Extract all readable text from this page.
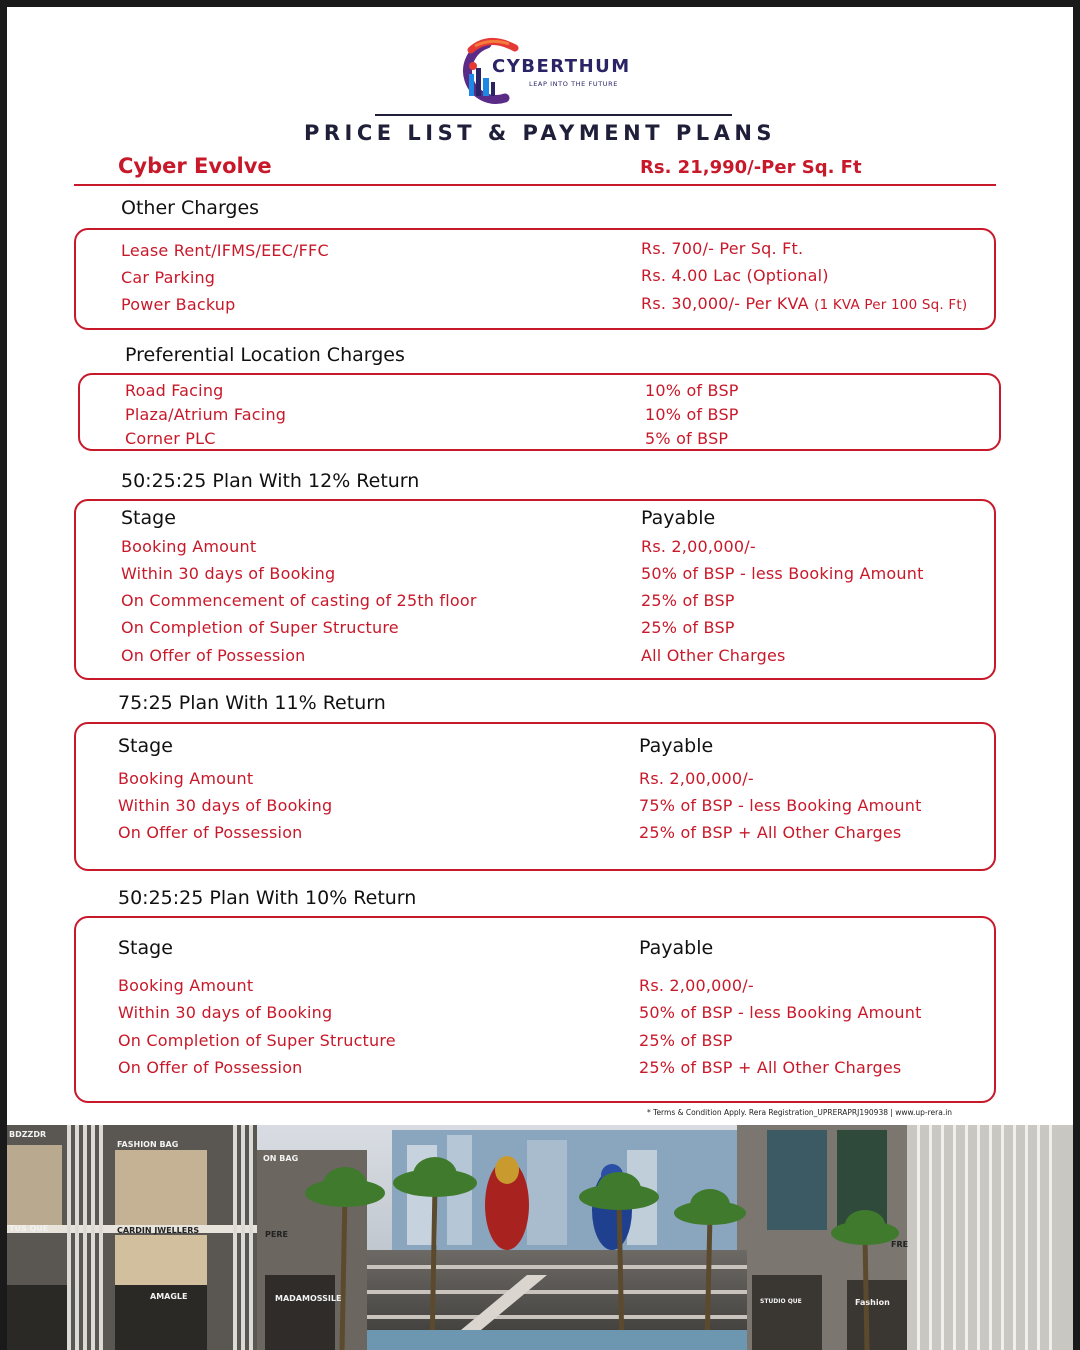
CYBERTHUM
LEAP INTO THE FUTURE
PRICE LIST & PAYMENT PLANS
Cyber Evolve	Rs. 21,990/-Per Sq. Ft
Other Charges
Lease Rent/IFMS/EEC/FFC	Rs. 700/- Per Sq. Ft.
Car Parking	Rs. 4.00 Lac (Optional)
Power Backup	Rs. 30,000/- Per KVA (1 KVA Per 100 Sq. Ft)
Preferential Location Charges
Road Facing	10% of BSP
Plaza/Atrium Facing	10% of BSP
Corner PLC	5% of BSP
50:25:25 Plan With 12% Return
Stage	Payable
Booking Amount	Rs. 2,00,000/-
Within 30 days of Booking	50% of BSP - less Booking Amount
On Commencement of casting of 25th floor	25% of BSP
On Completion of Super Structure	25% of BSP
On Offer of Possession	All Other Charges
75:25 Plan With 11% Return
Stage	Payable
Booking Amount	Rs. 2,00,000/-
Within 30 days of Booking	75% of BSP - less Booking Amount
On Offer of Possession	25% of BSP + All Other Charges
50:25:25 Plan With 10% Return
Stage	Payable
Booking Amount	Rs. 2,00,000/-
Within 30 days of Booking	50% of BSP - less Booking Amount
On Completion of Super Structure	25% of BSP
On Offer of Possession	25% of BSP + All Other Charges
* Terms & Condition Apply. Rera Registration_UPRERAPRJ190938 | www.up-rera.in
BDZZDR
FASHION BAG
ON BAG
TUS QUE	CARDIN JWELLERS	PERE
AMAGLE	MADAMOSSILE
FRE
Fashion
STUDIO QUE
